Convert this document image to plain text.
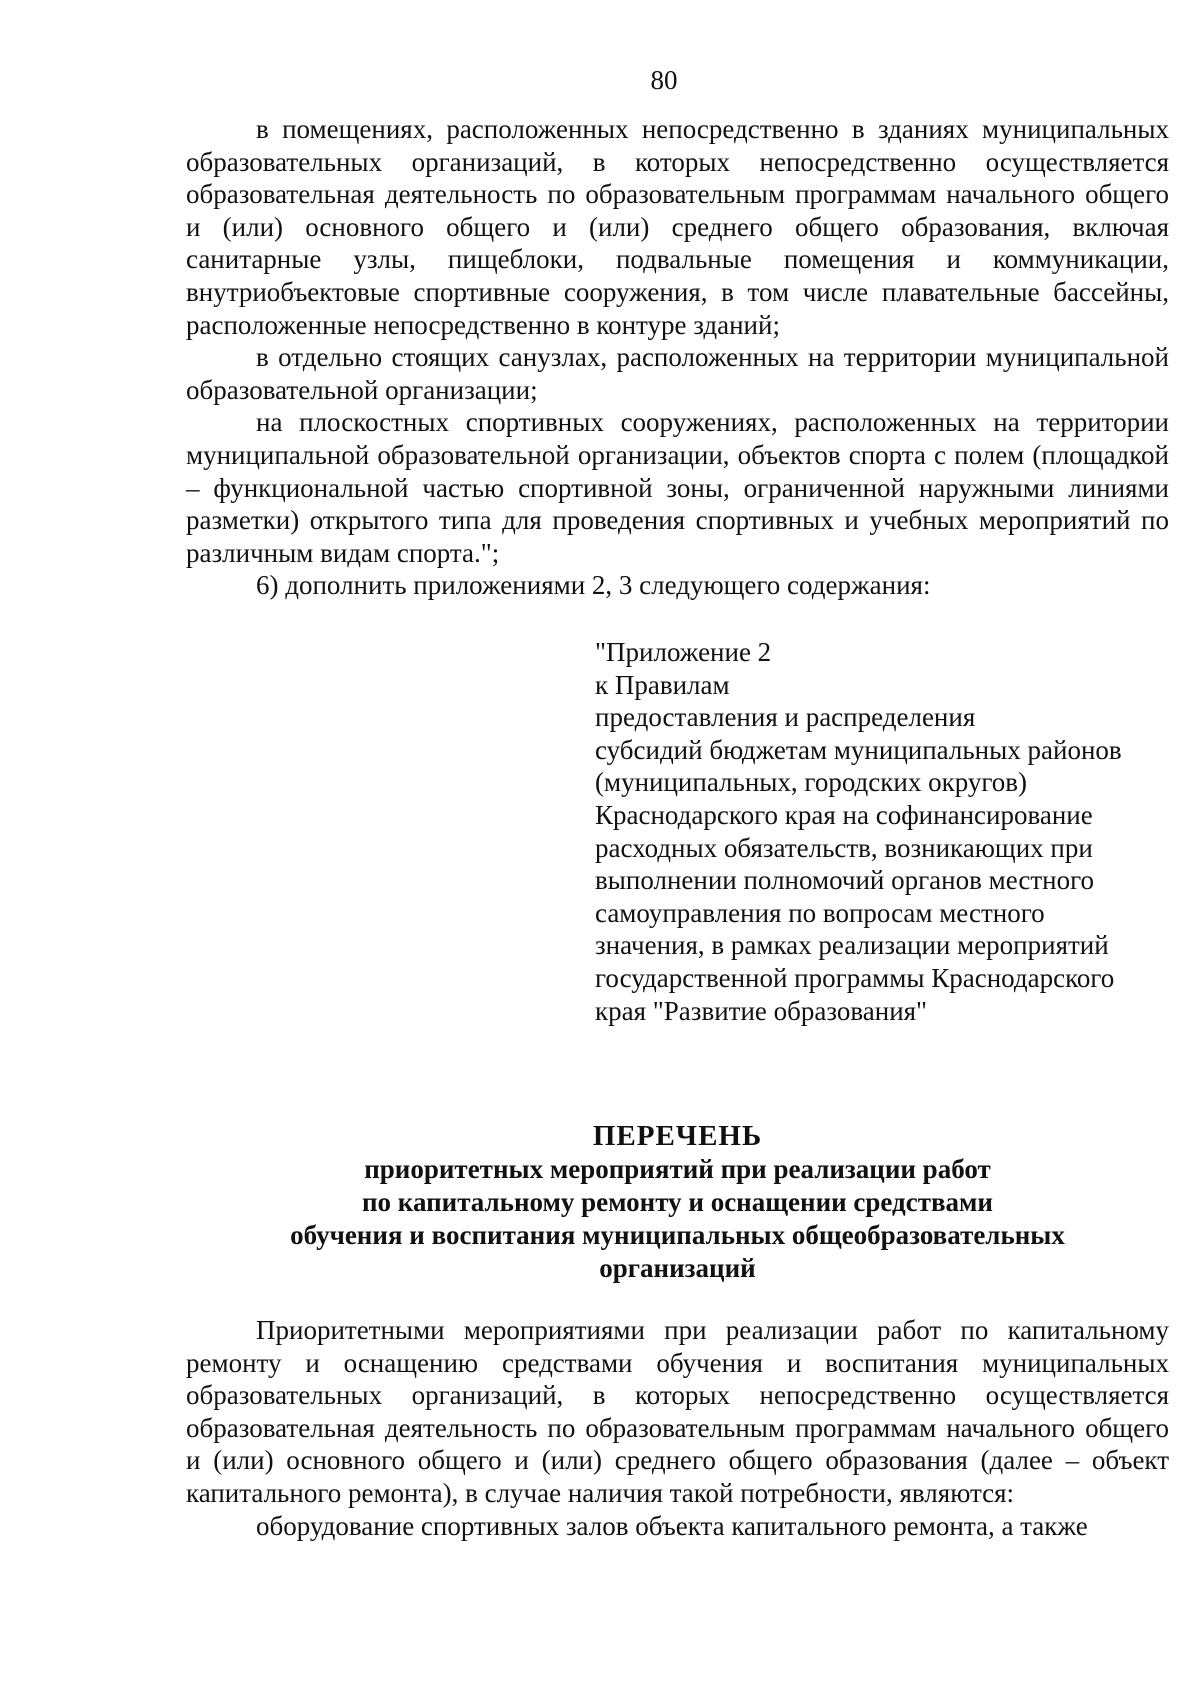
80

в помещениях, расположенных непосредственно в зданиях муниципальных образовательных организаций, в которых непосредственно осуществляется образовательная деятельность по образовательным программам начального общего и (или) основного общего и (или) среднего общего образования, включая санитарные узлы, пищеблоки, подвальные помещения и коммуникации, внутриобъектовые спортивные сооружения, в том числе плавательные бассейны, расположенные непосредственно в контуре зданий;

в отдельно стоящих санузлах, расположенных на территории муниципальной образовательной организации;

на плоскостных спортивных сооружениях, расположенных на территории муниципальной образовательной организации, объектов спорта с полем (площадкой – функциональной частью спортивной зоны, ограниченной наружными линиями разметки) открытого типа для проведения спортивных и учебных мероприятий по различным видам спорта.";

6) дополнить приложениями 2, 3 следующего содержания:

"Приложение 2
к Правилам
предоставления и распределения
субсидий бюджетам муниципальных районов
(муниципальных, городских округов)
Краснодарского края на софинансирование
расходных обязательств, возникающих при
выполнении полномочий органов местного
самоуправления по вопросам местного
значения, в рамках реализации мероприятий
государственной программы Краснодарского
края "Развитие образования"
ПЕРЕЧЕНЬ
приоритетных мероприятий при реализации работ
по капитальному ремонту и оснащении средствами
обучения и воспитания муниципальных общеобразовательных
организаций

Приоритетными мероприятиями при реализации работ по капитальному ремонту и оснащению средствами обучения и воспитания муниципальных образовательных организаций, в которых непосредственно осуществляется образовательная деятельность по образовательным программам начального общего и (или) основного общего и (или) среднего общего образования (далее – объект капитального ремонта), в случае наличия такой потребности, являются:

оборудование спортивных залов объекта капитального ремонта, а также
